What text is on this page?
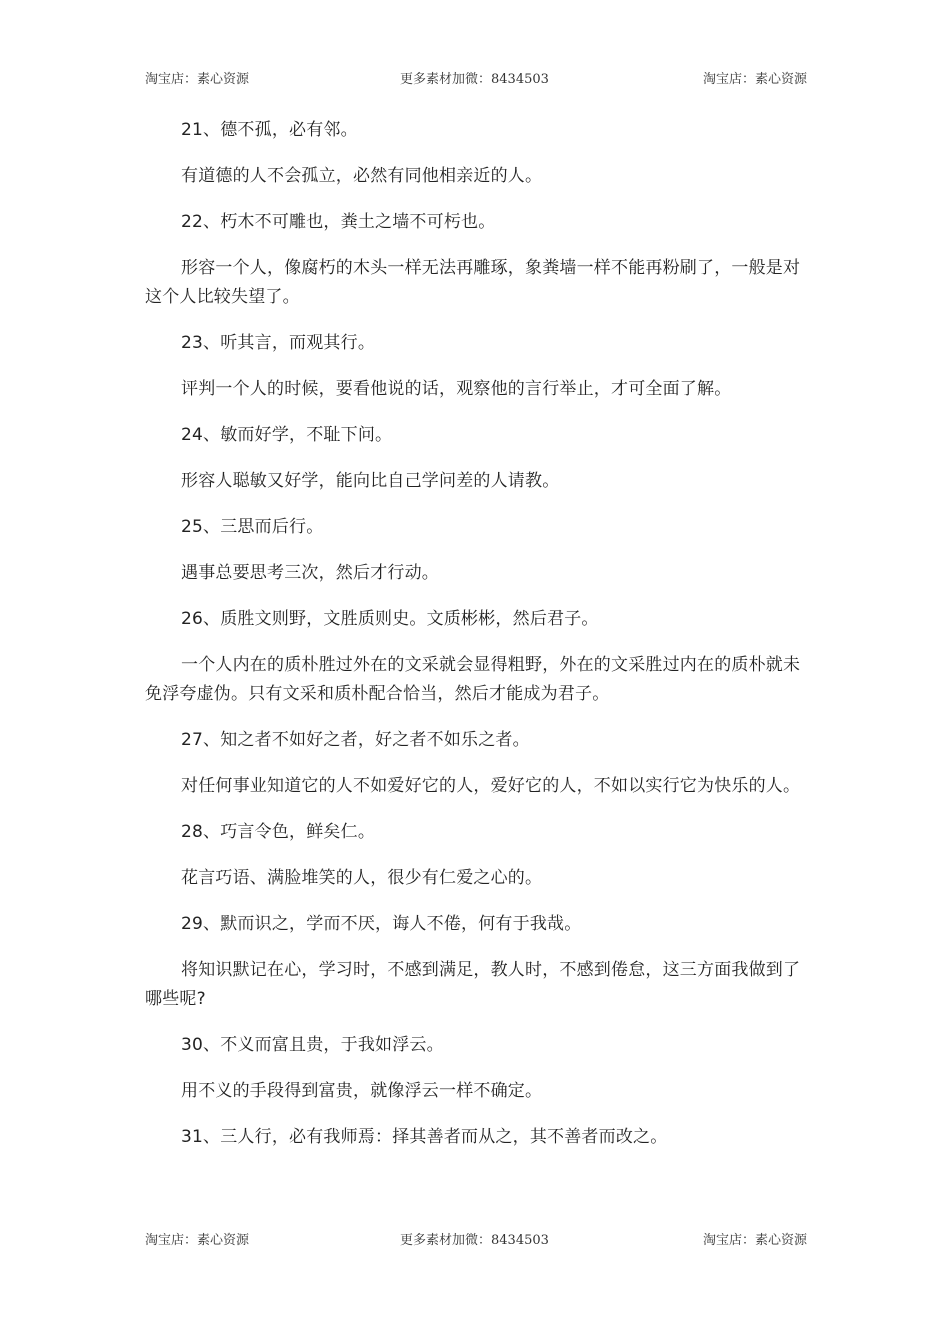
淘宝店：素心资源	更多素材加微：8434503	淘宝店：素心资源

21、德不孤，必有邻。

有道德的人不会孤立，必然有同他相亲近的人。

22、朽木不可雕也，粪土之墙不可杇也。

形容一个人，像腐朽的木头一样无法再雕琢，象粪墙一样不能再粉刷了，一般是对这个人比较失望了。

23、听其言，而观其行。

评判一个人的时候，要看他说的话，观察他的言行举止，才可全面了解。

24、敏而好学，不耻下问。

形容人聪敏又好学，能向比自己学问差的人请教。

25、三思而后行。

遇事总要思考三次，然后才行动。

26、质胜文则野，文胜质则史。文质彬彬，然后君子。

一个人内在的质朴胜过外在的文采就会显得粗野，外在的文采胜过内在的质朴就未免浮夸虚伪。只有文采和质朴配合恰当，然后才能成为君子。

27、知之者不如好之者，好之者不如乐之者。

对任何事业知道它的人不如爱好它的人，爱好它的人，不如以实行它为快乐的人。

28、巧言令色，鲜矣仁。

花言巧语、满脸堆笑的人，很少有仁爱之心的。

29、默而识之，学而不厌，诲人不倦，何有于我哉。

将知识默记在心，学习时，不感到满足，教人时，不感到倦怠，这三方面我做到了哪些呢?

30、不义而富且贵，于我如浮云。

用不义的手段得到富贵，就像浮云一样不确定。

31、三人行，必有我师焉：择其善者而从之，其不善者而改之。

淘宝店：素心资源	更多素材加微：8434503	淘宝店：素心资源
